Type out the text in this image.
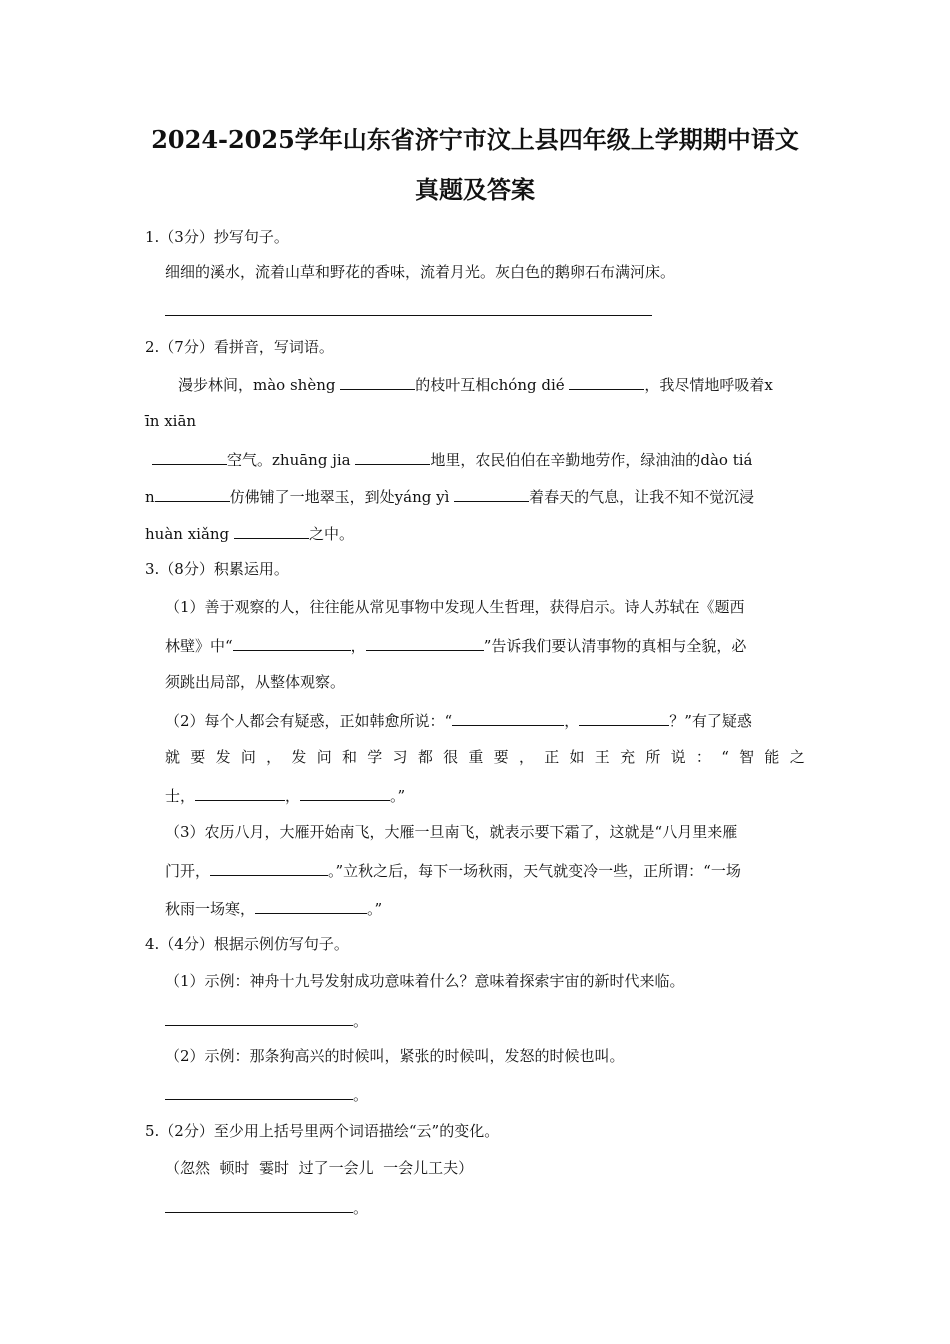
2024-2025学年山东省济宁市汶上县四年级上学期期中语文
真题及答案
1.（3分）抄写句子。
细细的溪水，流着山草和野花的香味，流着月光。灰白色的鹅卵石布满河床。
2.（7分）看拼音，写词语。
漫步林间，mào shèng	的枝叶互相chóng dié	，我尽情地呼吸着x
īn xiān
空气。zhuāng jia	地里，农民伯伯在辛勤地劳作，绿油油的dào tiá
n	仿佛铺了一地翠玉，到处yáng yì	着春天的气息，让我不知不觉沉浸
huàn xiǎng	之中。
3.（8分）积累运用。
（1）善于观察的人，往往能从常见事物中发现人生哲理，获得启示。诗人苏轼在《题西
林壁》中“	，	”告诉我们要认清事物的真相与全貌，必
须跳出局部，从整体观察。
（2）每个人都会有疑惑，正如韩愈所说：“	，	？”有了疑惑
就 要 发 问 ， 发 问 和 学 习 都 很 重 要 ， 正 如 王 充 所 说 ： “ 智 能 之
士，	，	。”
（3）农历八月，大雁开始南飞，大雁一旦南飞，就表示要下霜了，这就是“八月里来雁
门开，	。”立秋之后，每下一场秋雨，天气就变冷一些，正所谓：“一场
秋雨一场寒，	。”
4.（4分）根据示例仿写句子。
（1）示例：神舟十九号发射成功意味着什么？意味着探索宇宙的新时代来临。
。
（2）示例：那条狗高兴的时候叫，紧张的时候叫，发怒的时候也叫。
。
5.（2分）至少用上括号里两个词语描绘“云”的变化。
（忽然  顿时  霎时  过了一会儿  一会儿工夫）
。
